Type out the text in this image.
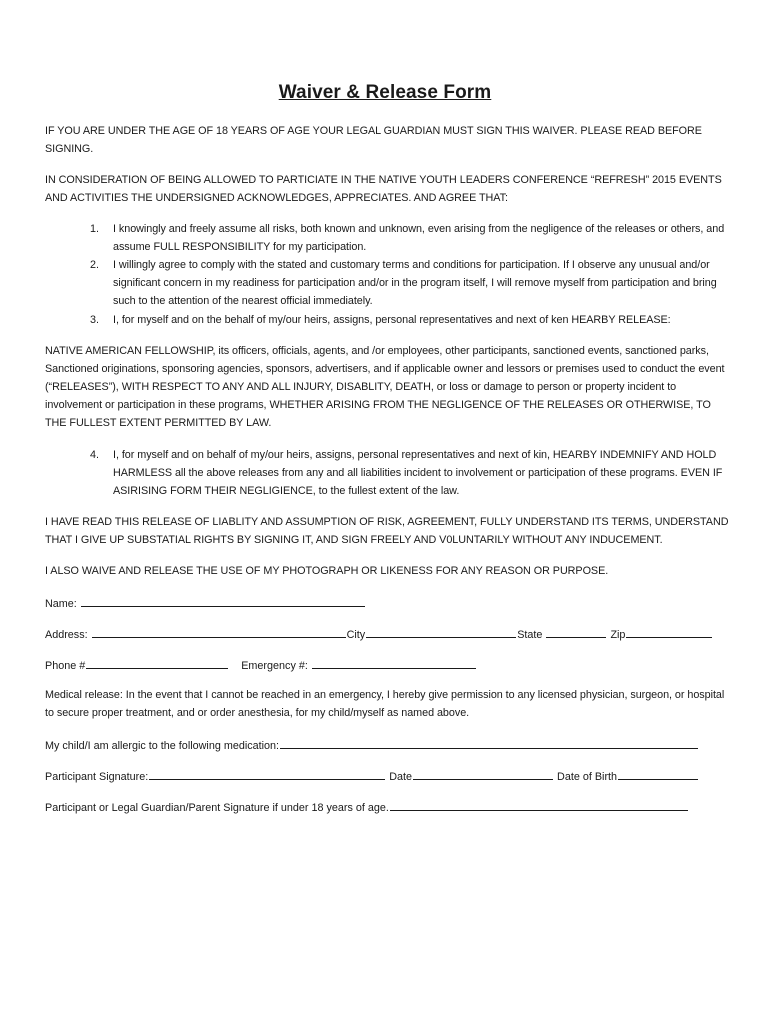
Waiver & Release Form

IF YOU ARE UNDER THE AGE OF 18 YEARS OF AGE YOUR LEGAL GUARDIAN MUST SIGN THIS WAIVER. PLEASE READ BEFORE SIGNING.

IN CONSIDERATION OF BEING ALLOWED TO PARTICIATE IN THE NATIVE YOUTH LEADERS CONFERENCE “REFRESH” 2015 EVENTS AND ACTIVITIES THE UNDERSIGNED ACKNOWLEDGES, APPRECIATES. AND AGREE THAT:

1.	I knowingly and freely assume all risks, both known and unknown, even arising from the negligence of the releases or others, and assume FULL RESPONSIBILITY for my participation.
2.	I willingly agree to comply with the stated and customary terms and conditions for participation. If I observe any unusual and/or significant concern in my readiness for participation and/or in the program itself, I will remove myself from participation and bring such to the attention of the nearest official immediately.
3.	I, for myself and on the behalf of my/our heirs, assigns, personal representatives and next of ken HEARBY RELEASE:

NATIVE AMERICAN FELLOWSHIP, its officers, officials, agents, and /or employees, other participants, sanctioned events, sanctioned parks, Sanctioned originations, sponsoring agencies, sponsors, advertisers, and if applicable owner and lessors or premises used to conduct the event (“RELEASES”), WITH RESPECT TO ANY AND ALL INJURY, DISABLITY, DEATH, or loss or damage to person or property incident to involvement or participation in these programs, WHETHER ARISING FROM THE NEGLIGENCE OF THE RELEASES OR OTHERWISE, TO THE FULLEST EXTENT PERMITTED BY LAW.

4.	I, for myself and on behalf of my/our heirs, assigns, personal representatives and next of kin, HEARBY INDEMNIFY AND HOLD HARMLESS all the above releases from any and all liabilities incident to involvement or participation of these programs. EVEN IF ASIRISING FORM THEIR NEGLIGIENCE, to the fullest extent of the law.

I HAVE READ THIS RELEASE OF LIABLITY AND ASSUMPTION OF RISK, AGREEMENT, FULLY UNDERSTAND ITS TERMS, UNDERSTAND THAT I GIVE UP SUBSTATIAL RIGHTS BY SIGNING IT, AND SIGN FREELY AND V0LUNTARILY WITHOUT ANY INDUCEMENT.

I ALSO WAIVE AND RELEASE THE USE OF MY PHOTOGRAPH OR LIKENESS FOR ANY REASON OR PURPOSE.

Name:
Address:	City	State	Zip
Phone #	Emergency #:

Medical release: In the event that I cannot be reached in an emergency, I hereby give permission to any licensed physician, surgeon, or hospital to secure proper treatment, and or order anesthesia, for my child/myself as named above.

My child/I am allergic to the following medication:
Participant Signature:	Date	Date of Birth
Participant or Legal Guardian/Parent Signature if under 18 years of age.
